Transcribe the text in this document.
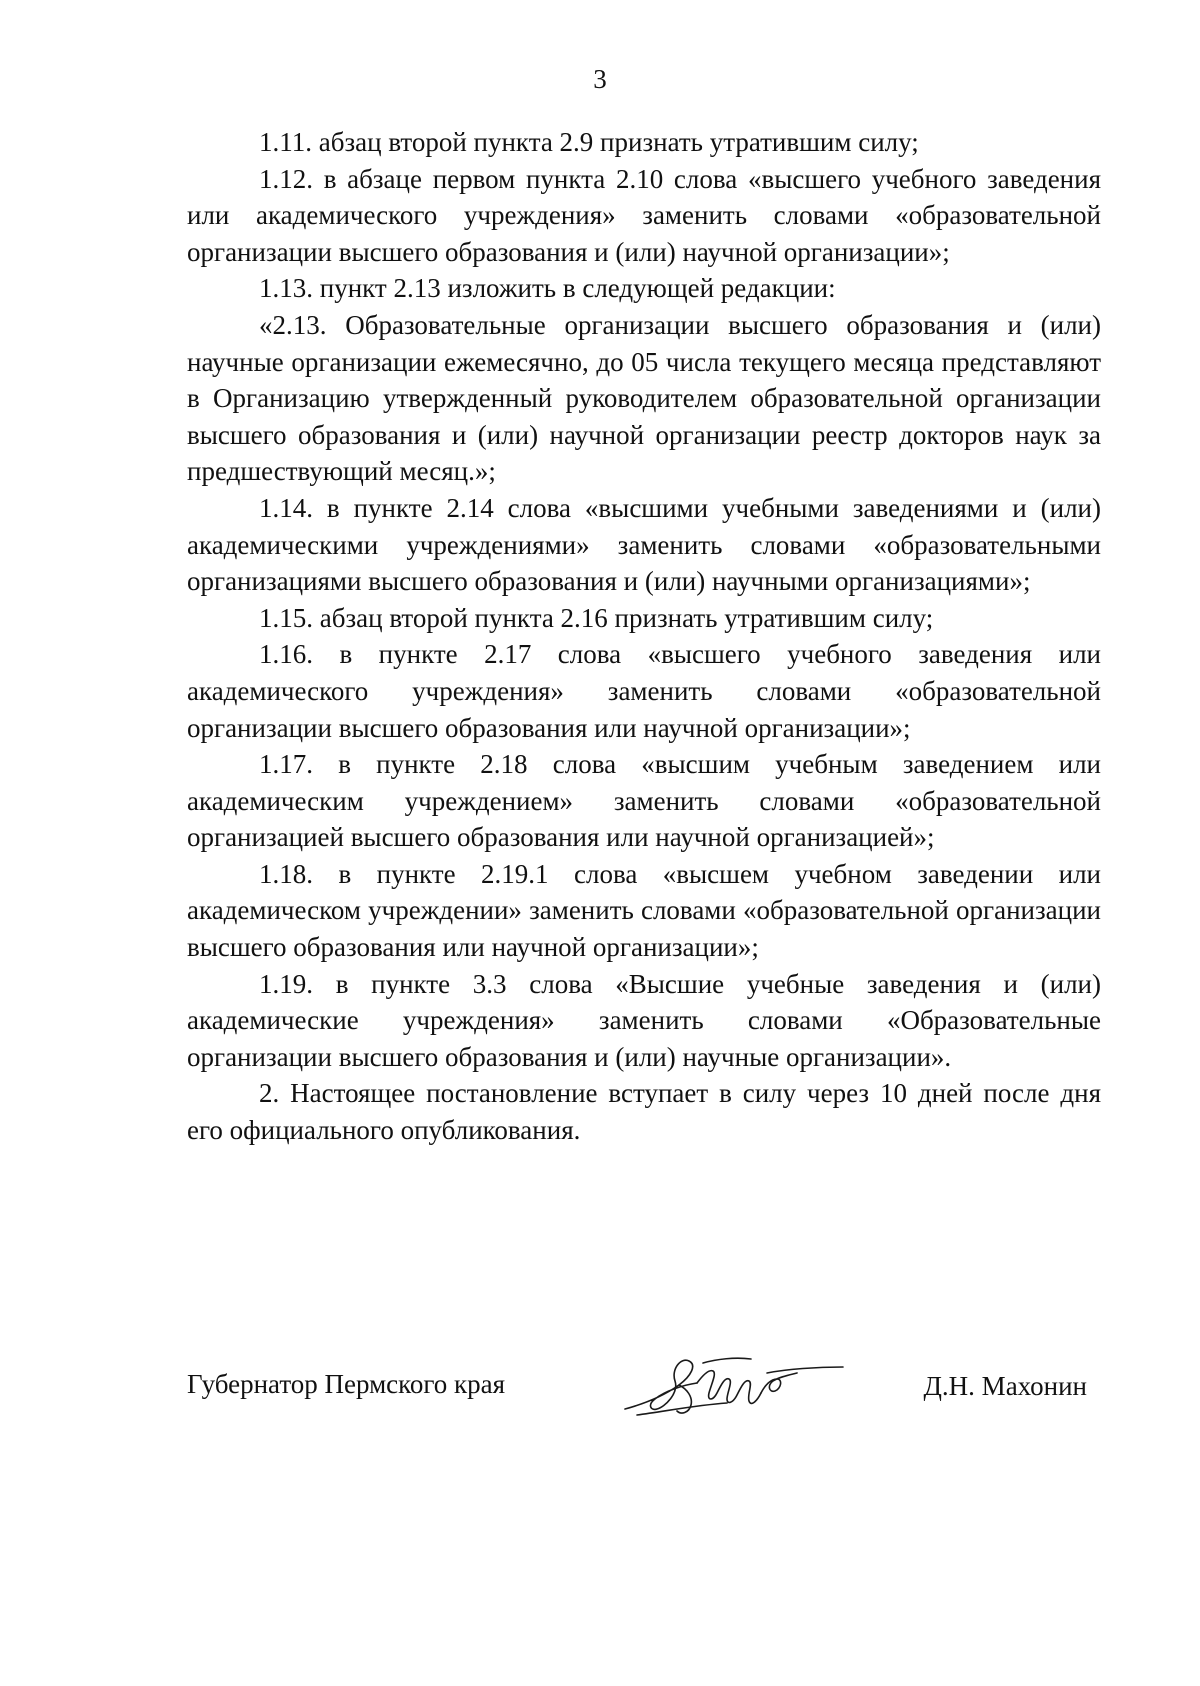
3

1.11. абзац второй пункта 2.9 признать утратившим силу;

1.12. в абзаце первом пункта 2.10 слова «высшего учебного заведения или академического учреждения» заменить словами «образовательной организации высшего образования и (или) научной организации»;

1.13. пункт 2.13 изложить в следующей редакции:

«2.13. Образовательные организации высшего образования и (или) научные организации ежемесячно, до 05 числа текущего месяца представляют в Организацию утвержденный руководителем образовательной организации высшего образования и (или) научной организации реестр докторов наук за предшествующий месяц.»;

1.14. в пункте 2.14 слова «высшими учебными заведениями и (или) академическими учреждениями» заменить словами «образовательными организациями высшего образования и (или) научными организациями»;

1.15. абзац второй пункта 2.16 признать утратившим силу;

1.16. в пункте 2.17 слова «высшего учебного заведения или академического учреждения» заменить словами «образовательной организации высшего образования или научной организации»;

1.17. в пункте 2.18 слова «высшим учебным заведением или академическим учреждением» заменить словами «образовательной организацией высшего образования или научной организацией»;

1.18. в пункте 2.19.1 слова «высшем учебном заведении или академическом учреждении» заменить словами «образовательной организации высшего образования или научной организации»;

1.19. в пункте 3.3 слова «Высшие учебные заведения и (или) академические учреждения» заменить словами «Образовательные организации высшего образования и (или) научные организации».

2. Настоящее постановление вступает в силу через 10 дней после дня его официального опубликования.

Губернатор Пермского края	Д.Н. Махонин
